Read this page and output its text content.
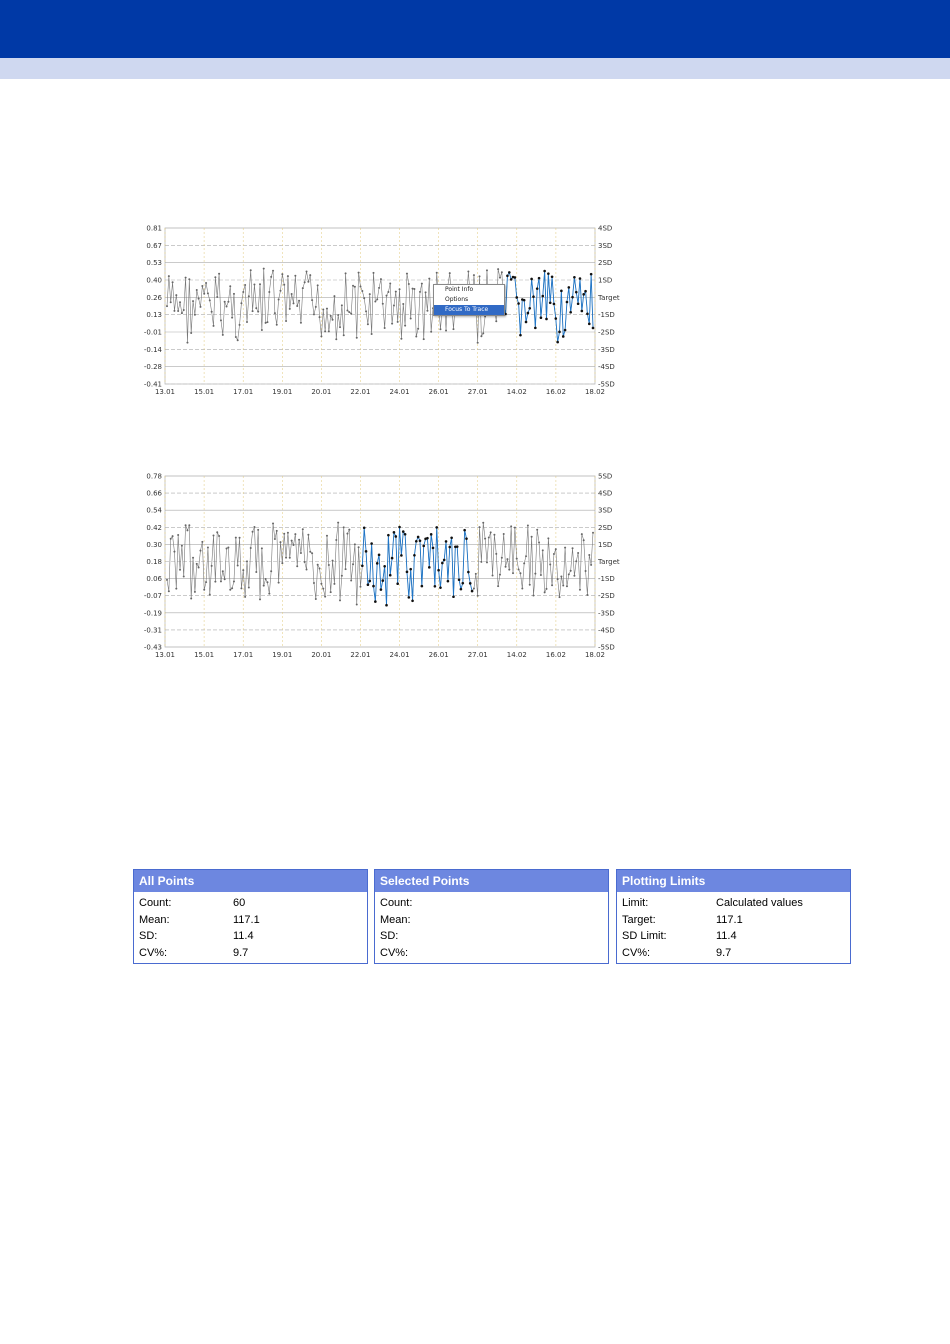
0.81	4SD
0.67	3SD
0.53	2SD
0.40	1SD
0.26	Target
0.13	-1SD
-0.01	-2SD
-0.14	-3SD
-0.28	-4SD
-0.41	-5SD
13.01	15.01	17.01	19.01	20.01	22.01	24.01	26.01	27.01	14.02	16.02	18.02
Point Info
Options
Focus To Trace
0.78	5SD
0.66	4SD
0.54	3SD
0.42	2SD
0.30	1SD
0.18	Target
0.06	-1SD
-0.07	-2SD
-0.19	-3SD
-0.31	-4SD
-0.43	-5SD
13.01	15.01	17.01	19.01	20.01	22.01	24.01	26.01	27.01	14.02	16.02	18.02
All Points
Count:	60
Mean:	117.1
SD:	11.4
CV%:	9.7
Selected Points
Count:
Mean:
SD:
CV%:
Plotting Limits
Limit:	Calculated values
Target:	117.1
SD Limit:	11.4
CV%:	9.7
